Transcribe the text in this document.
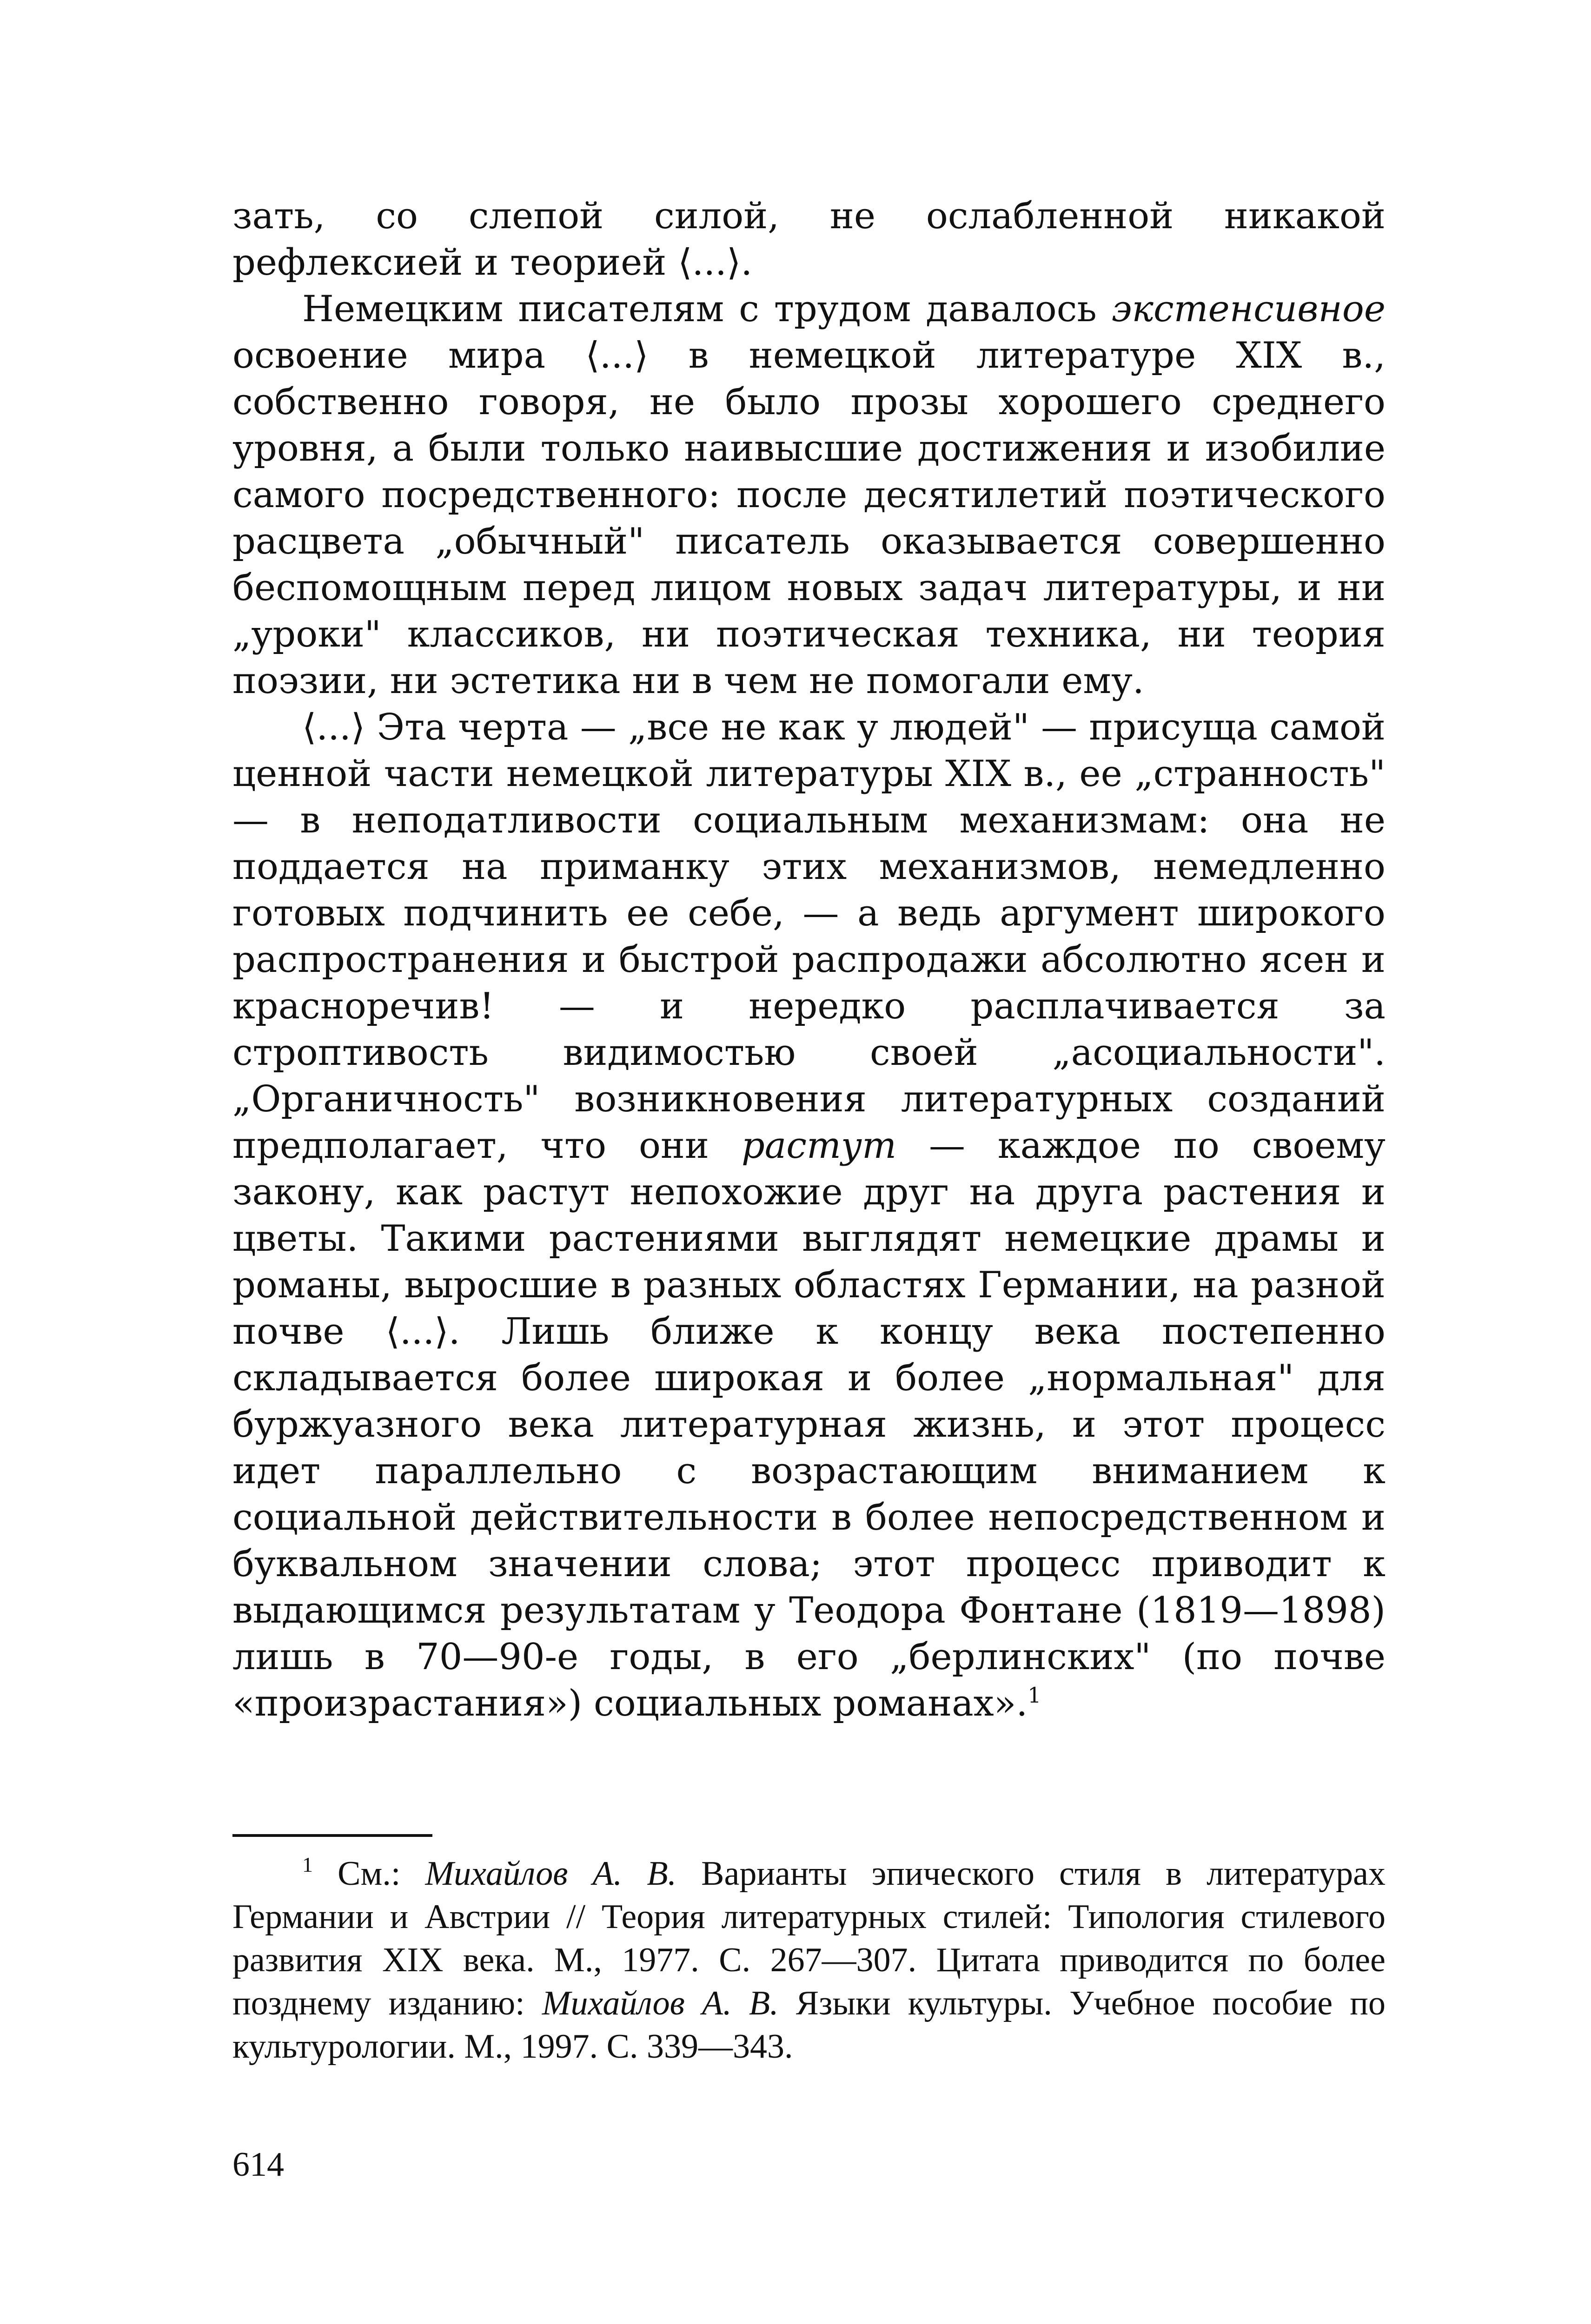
зать, со слепой силой, не ослабленной никакой рефлексией и теорией ⟨...⟩.

Немецким писателям с трудом давалось экстенсивное освоение мира ⟨...⟩ в немецкой литературе XIX в., собственно говоря, не было прозы хорошего среднего уровня, а были только наивысшие достижения и изобилие самого посредственного: после десятилетий поэтического расцвета „обычный" писатель оказывается совершенно беспомощным перед лицом новых задач литературы, и ни „уроки" классиков, ни поэтическая техника, ни теория поэзии, ни эстетика ни в чем не помогали ему.

⟨...⟩ Эта черта — „все не как у людей" — присуща самой ценной части немецкой литературы XIX в., ее „странность" — в неподатливости социальным механизмам: она не поддается на приманку этих механизмов, немедленно готовых подчинить ее себе, — а ведь аргумент широкого распространения и быстрой распродажи абсолютно ясен и красноречив! — и нередко расплачивается за строптивость видимостью своей „асоциальности". „Органичность" возникновения литературных созданий предполагает, что они растут — каждое по своему закону, как растут непохожие друг на друга растения и цветы. Такими растениями выглядят немецкие драмы и романы, выросшие в разных областях Германии, на разной почве ⟨...⟩. Лишь ближе к концу века постепенно складывается более широкая и более „нормальная" для буржуазного века литературная жизнь, и этот процесс идет параллельно с возрастающим вниманием к социальной действительности в более непосредственном и буквальном значении слова; этот процесс приводит к выдающимся результатам у Теодора Фонтане (1819—1898) лишь в 70—90-е годы, в его „берлинских" (по почве «произрастания») социальных романах».$^1$

$^1$ См.: Михайлов А. В. Варианты эпического стиля в литературах Германии и Австрии // Теория литературных стилей: Типология стилевого развития XIX века. М., 1977. С. 267—307. Цитата приводится по более позднему изданию: Михайлов А. В. Языки культуры. Учебное пособие по культурологии. М., 1997. С. 339—343.

614
